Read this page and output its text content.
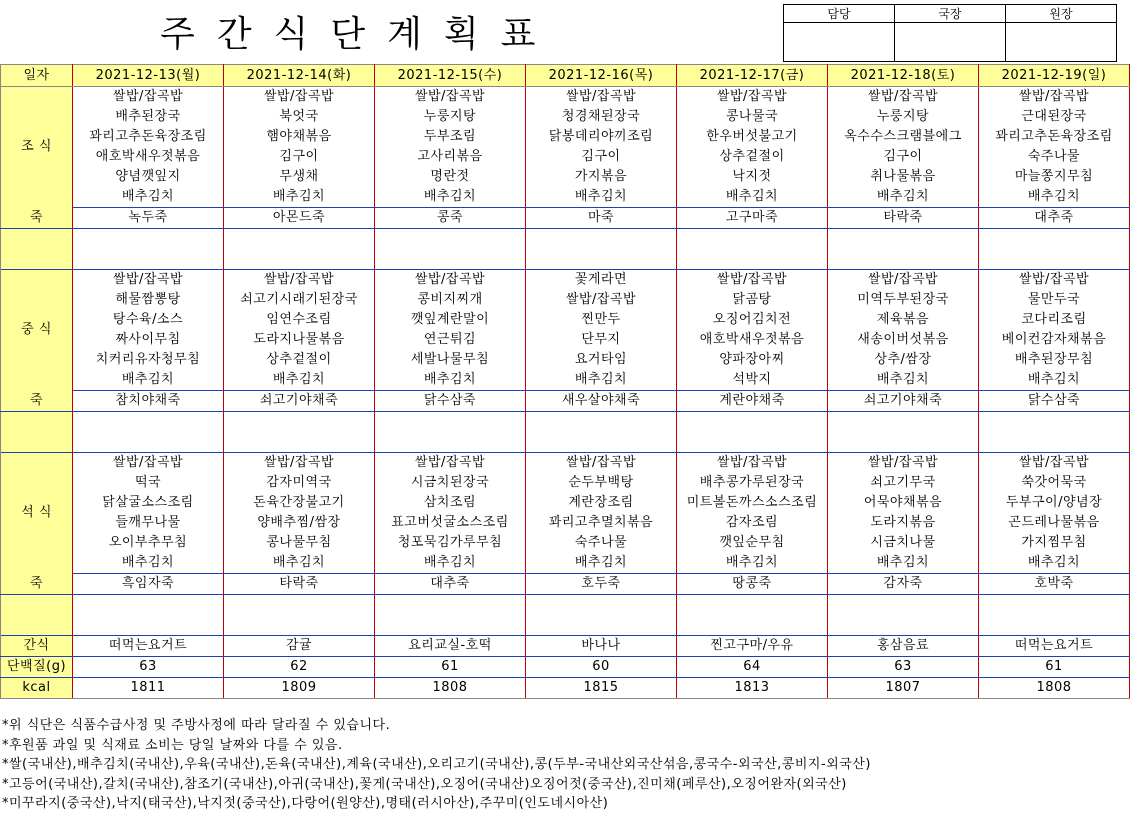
주간식단계획표	담당	국장	원장

일자	2021-12-13(월)	2021-12-14(화)	2021-12-15(수)	2021-12-16(목)	2021-12-17(금)	2021-12-18(토)	2021-12-19(일)
조 식	쌀밥/잡곡밥	쌀밥/잡곡밥	쌀밥/잡곡밥	쌀밥/잡곡밥	쌀밥/잡곡밥	쌀밥/잡곡밥	쌀밥/잡곡밥
	배추된장국	북엇국	누룽지탕	청경채된장국	콩나물국	누룽지탕	근대된장국
	꽈리고추돈육장조림	햄야채볶음	두부조림	닭봉데리야끼조림	한우버섯불고기	옥수수스크램블에그	꽈리고추돈육장조림
	애호박새우젓볶음	김구이	고사리볶음	김구이	상추겉절이	김구이	숙주나물
	양념깻잎지	무생채	명란젓	가지볶음	낙지젓	취나물볶음	마늘쫑지무침
	배추김치	배추김치	배추김치	배추김치	배추김치	배추김치	배추김치
죽	녹두죽	아몬드죽	콩죽	마죽	고구마죽	타락죽	대추죽

중 식	쌀밥/잡곡밥	쌀밥/잡곡밥	쌀밥/잡곡밥	꽃게라면	쌀밥/잡곡밥	쌀밥/잡곡밥	쌀밥/잡곡밥
	해물짬뽕탕	쇠고기시래기된장국	콩비지찌개	쌀밥/잡곡밥	닭곰탕	미역두부된장국	물만두국
	탕수육/소스	임연수조림	깻잎계란말이	찐만두	오징어김치전	제육볶음	코다리조림
	짜사이무침	도라지나물볶음	연근튀김	단무지	애호박새우젓볶음	새송이버섯볶음	베이컨감자채볶음
	치커리유자청무침	상추겉절이	세발나물무침	요거타임	양파장아찌	상추/쌈장	배추된장무침
	배추김치	배추김치	배추김치	배추김치	석박지	배추김치	배추김치
죽	참치야채죽	쇠고기야채죽	닭수삼죽	새우살야채죽	계란야채죽	쇠고기야채죽	닭수삼죽

석 식	쌀밥/잡곡밥	쌀밥/잡곡밥	쌀밥/잡곡밥	쌀밥/잡곡밥	쌀밥/잡곡밥	쌀밥/잡곡밥	쌀밥/잡곡밥
	떡국	감자미역국	시금치된장국	순두부백탕	배추콩가루된장국	쇠고기무국	쑥갓어묵국
	닭살굴소스조림	돈육간장불고기	삼치조림	계란장조림	미트볼돈까스소스조림	어묵야채볶음	두부구이/양념장
	들깨무나물	양배추찜/쌈장	표고버섯굴소스조림	꽈리고추멸치볶음	감자조림	도라지볶음	곤드레나물볶음
	오이부추무침	콩나물무침	청포묵김가루무침	숙주나물	깻잎순무침	시금치나물	가지찜무침
	배추김치	배추김치	배추김치	배추김치	배추김치	배추김치	배추김치
죽	흑임자죽	타락죽	대추죽	호두죽	땅콩죽	감자죽	호박죽

간식	떠먹는요거트	감귤	요리교실-호떡	바나나	찐고구마/우유	홍삼음료	떠먹는요거트
단백질(g)	63	62	61	60	64	63	61
kcal	1811	1809	1808	1815	1813	1807	1808
*위 식단은 식품수급사정 및 주방사정에 따라 달라질 수 있습니다.
*후원품 과일 및 식재료 소비는 당일 날짜와 다를 수 있음.
*쌀(국내산),배추김치(국내산),우육(국내산),돈육(국내산),계육(국내산),오리고기(국내산),콩(두부-국내산외국산섞음,콩국수-외국산,콩비지-외국산)
*고등어(국내산),갈치(국내산),참조기(국내산),아귀(국내산),꽃게(국내산),오징어(국내산)오징어젓(중국산),진미채(페루산),오징어완자(외국산)
*미꾸라지(중국산),낙지(태국산),낙지젓(중국산),다랑어(원양산),명태(러시아산),주꾸미(인도네시아산)
